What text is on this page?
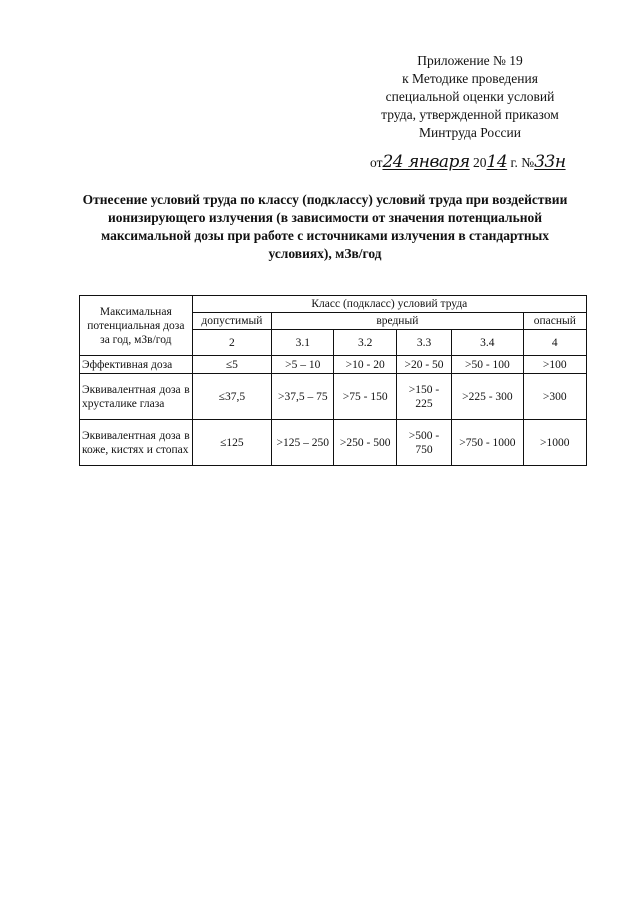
Приложение № 19
к Методике проведения
специальной оценки условий
труда, утвержденной приказом
Минтруда России
от24 января 2014 г. №33н
Отнесение условий труда по классу (подклассу) условий труда при воздействии
ионизирующего излучения (в зависимости от значения потенциальной
максимальной дозы при работе с источниками излучения в стандартных
условиях), мЗв/год
Максимальная потенциальная доза за год, мЗв/год	Класс (подкласс) условий труда					
	допустимый	вредный				опасный
	2	3.1	3.2	3.3	3.4	4
Эффективная доза	≤5	>5 – 10	>10 - 20	>20 - 50	>50 - 100	>100
Эквивалентная доза в хрусталике глаза	≤37,5	>37,5 – 75	>75 - 150	>150 - 225	>225 - 300	>300
Эквивалентная доза в коже, кистях и стопах	≤125	>125 – 250	>250 - 500	>500 - 750	>750 - 1000	>1000
